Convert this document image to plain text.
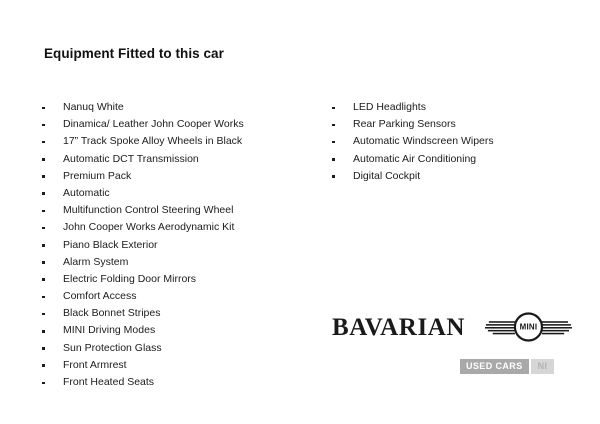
Equipment Fitted to this car
Nanuq White
Dinamica/ Leather John Cooper Works
17” Track Spoke Alloy Wheels in Black
Automatic DCT Transmission
Premium Pack
Automatic
Multifunction Control Steering Wheel
John Cooper Works Aerodynamic Kit
Piano Black Exterior
Alarm System
Electric Folding Door Mirrors
Comfort Access
Black Bonnet Stripes
MINI Driving Modes
Sun Protection Glass
Front Armrest
Front Heated Seats
LED Headlights
Rear Parking Sensors
Automatic Windscreen Wipers
Automatic Air Conditioning
Digital Cockpit
BAVARIAN	MINI
USED CARS	NI
